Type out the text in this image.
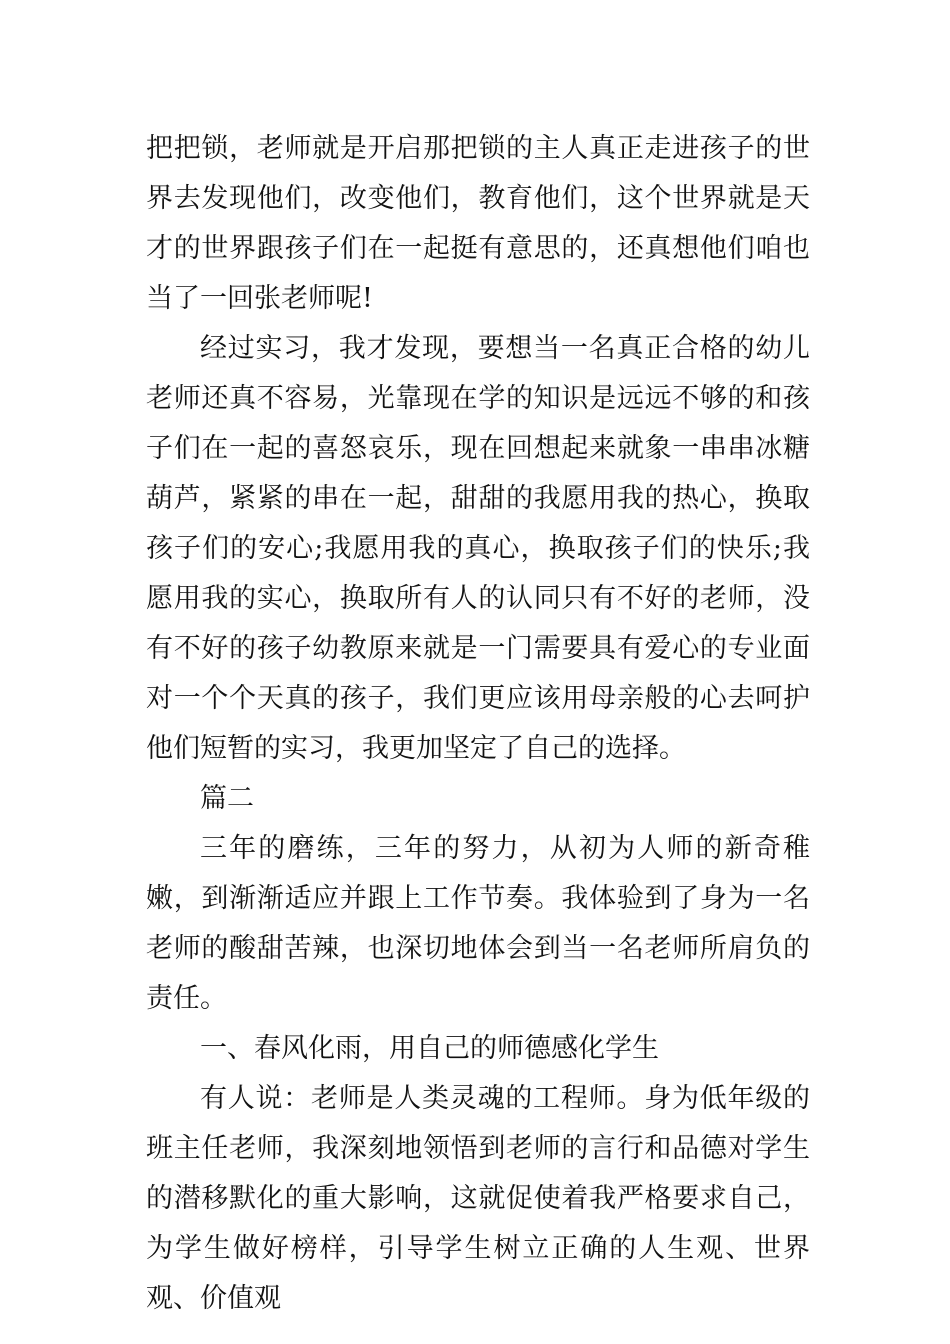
把把锁，老师就是开启那把锁的主人真正走进孩子的世界去发现他们，改变他们，教育他们，这个世界就是天才的世界跟孩子们在一起挺有意思的，还真想他们咱也当了一回张老师呢!

经过实习，我才发现，要想当一名真正合格的幼儿老师还真不容易，光靠现在学的知识是远远不够的和孩子们在一起的喜怒哀乐，现在回想起来就象一串串冰糖葫芦，紧紧的串在一起，甜甜的我愿用我的热心，换取孩子们的安心;我愿用我的真心，换取孩子们的快乐;我愿用我的实心，换取所有人的认同只有不好的老师，没有不好的孩子幼教原来就是一门需要具有爱心的专业面对一个个天真的孩子，我们更应该用母亲般的心去呵护他们短暂的实习，我更加坚定了自己的选择。

篇二

三年的磨练，三年的努力，从初为人师的新奇稚嫩，到渐渐适应并跟上工作节奏。我体验到了身为一名老师的酸甜苦辣，也深切地体会到当一名老师所肩负的责任。

一、春风化雨，用自己的师德感化学生

有人说：老师是人类灵魂的工程师。身为低年级的班主任老师，我深刻地领悟到老师的言行和品德对学生的潜移默化的重大影响，这就促使着我严格要求自己，为学生做好榜样，引导学生树立正确的人生观、世界观、价值观
